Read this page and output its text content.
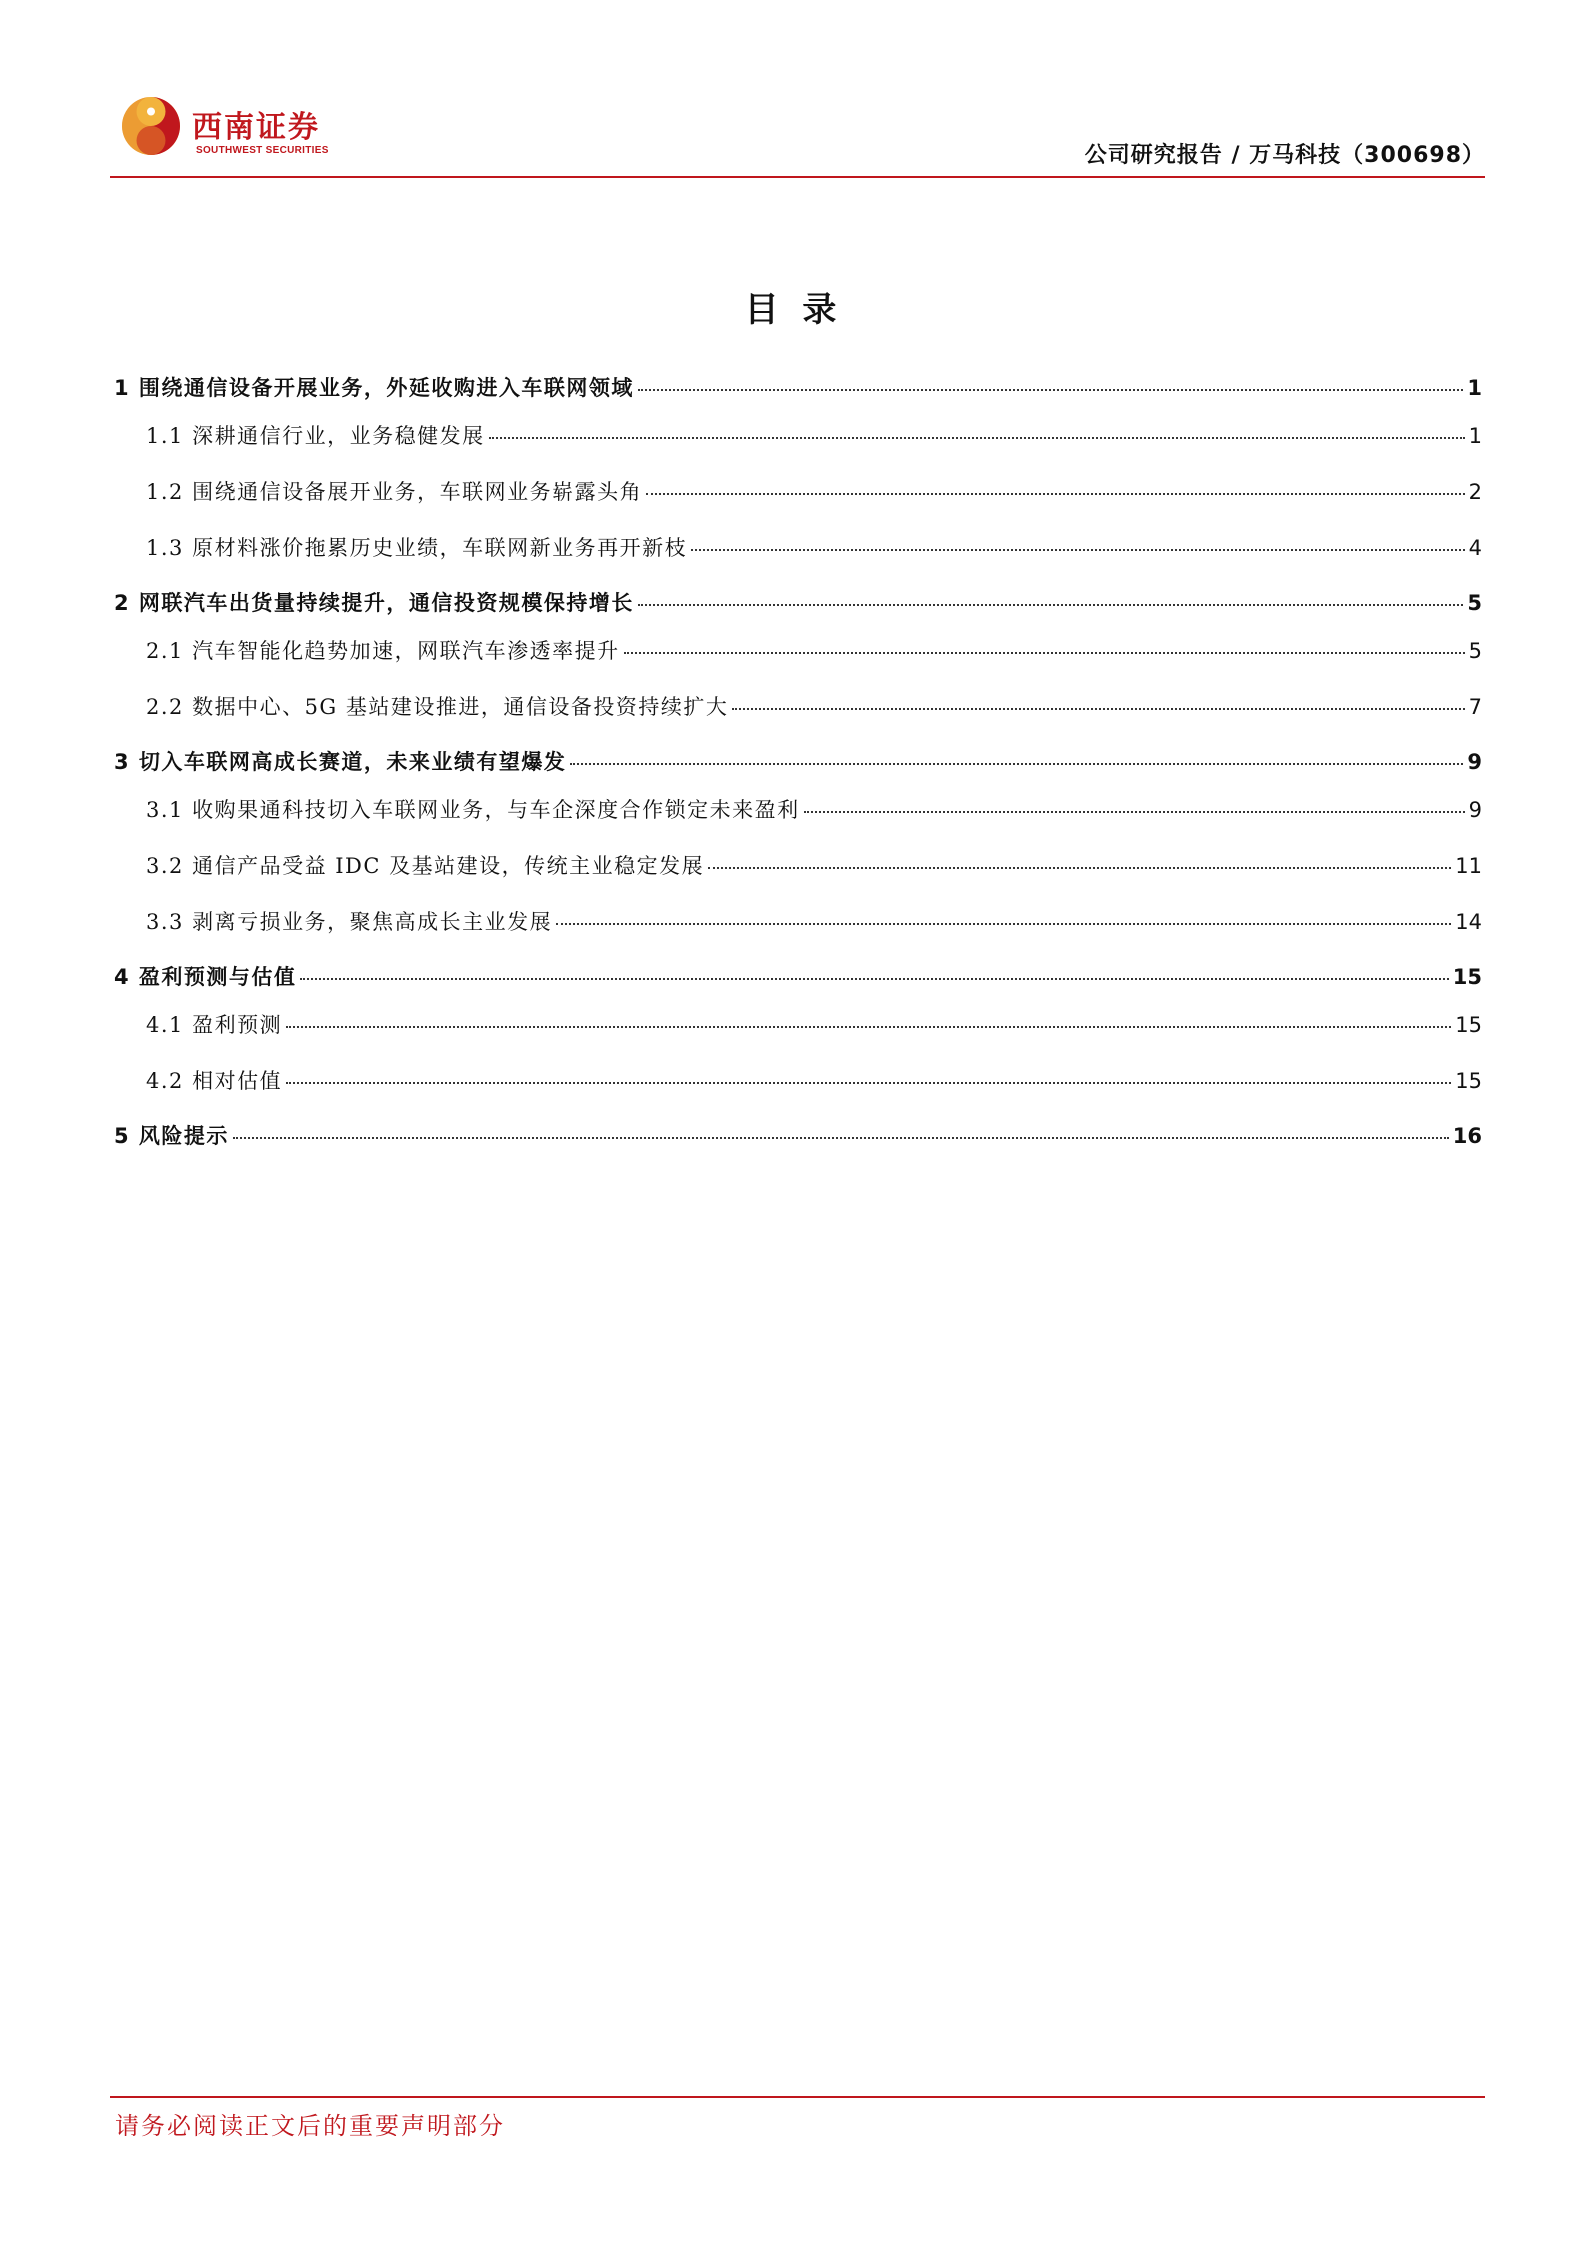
西南证券
SOUTHWEST SECURITIES	公司研究报告 / 万马科技（300698）
目 录
1 围绕通信设备开展业务，外延收购进入车联网领域	1
1.1 深耕通信行业，业务稳健发展	1
1.2 围绕通信设备展开业务，车联网业务崭露头角	2
1.3 原材料涨价拖累历史业绩，车联网新业务再开新枝	4
2 网联汽车出货量持续提升，通信投资规模保持增长	5
2.1 汽车智能化趋势加速，网联汽车渗透率提升	5
2.2 数据中心、5G 基站建设推进，通信设备投资持续扩大	7
3 切入车联网高成长赛道，未来业绩有望爆发	9
3.1 收购果通科技切入车联网业务，与车企深度合作锁定未来盈利	9
3.2 通信产品受益 IDC 及基站建设，传统主业稳定发展	11
3.3 剥离亏损业务，聚焦高成长主业发展	14
4 盈利预测与估值	15
4.1 盈利预测	15
4.2 相对估值	15
5 风险提示	16
请务必阅读正文后的重要声明部分
